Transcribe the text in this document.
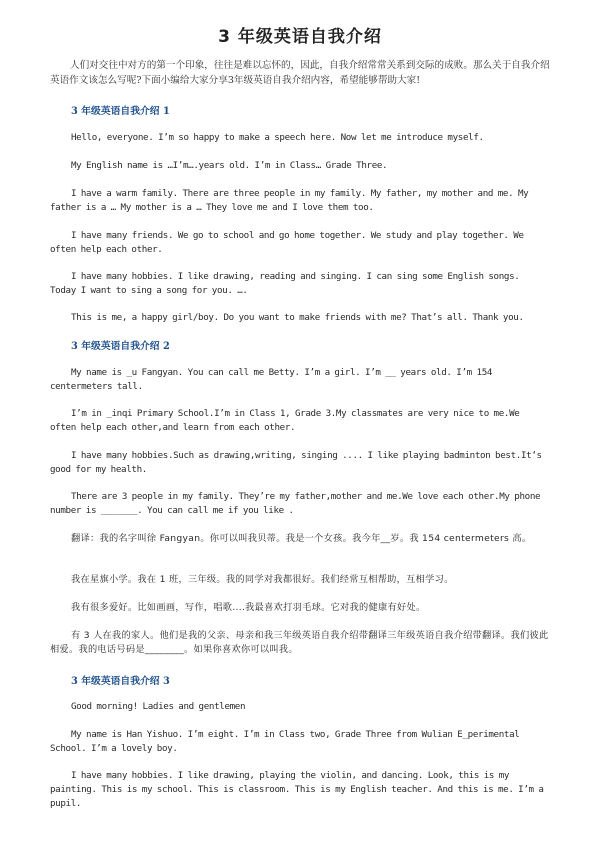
3 年级英语自我介绍
人们对交往中对方的第一个印象，往往是难以忘怀的，因此，自我介绍常常关系到交际的成败。那么关于自我介绍英语作文该怎么写呢?下面小编给大家分享3年级英语自我介绍内容，希望能够帮助大家!
3 年级英语自我介绍 1
Hello, everyone. I’m so happy to make a speech here. Now let me introduce myself.
My English name is …I’m….years old. I’m in Class… Grade Three.
I have a warm family. There are three people in my family. My father, my mother and me. My father is a … My mother is a … They love me and I love them too.
I have many friends. We go to school and go home together. We study and play together. We often help each other.
I have many hobbies. I like drawing, reading and singing. I can sing some English songs. Today I want to sing a song for you. ….
This is me, a happy girl/boy. Do you want to make friends with me? That’s all. Thank you.
3 年级英语自我介绍 2
My name is _u Fangyan. You can call me Betty. I’m a girl. I’m __ years old. I’m 154 centermeters tall.
I’m in _inqi Primary School.I’m in Class 1, Grade 3.My classmates are very nice to me.We often help each other,and learn from each other.
I have many hobbies.Such as drawing,writing, singing .... I like playing badminton best.It‘s good for my health.
There are 3 people in my family. They’re my father,mother and me.We love each other.My phone number is _______. You can call me if you like .
翻译：我的名字叫徐 Fangyan。你可以叫我贝蒂。我是一个女孩。我今年__岁。我 154 centermeters 高。
我在星旗小学。我在 1 班，三年级。我的同学对我都很好。我们经常互相帮助，互相学习。
我有很多爱好。比如画画，写作，唱歌....我最喜欢打羽毛球。它对我的健康有好处。
有 3 人在我的家人。他们是我的父亲、母亲和我三年级英语自我介绍带翻译三年级英语自我介绍带翻译。我们彼此相爱。我的电话号码是________。如果你喜欢你可以叫我。
3 年级英语自我介绍 3
Good morning! Ladies and gentlemen
My name is Han Yishuo. I’m eight. I’m in Class two, Grade Three from Wulian E_perimental School. I’m a lovely boy.
I have many hobbies. I like drawing, playing the violin, and dancing. Look, this is my painting. This is my school. This is classroom. This is my English teacher. And this is me. I’m a pupil.
